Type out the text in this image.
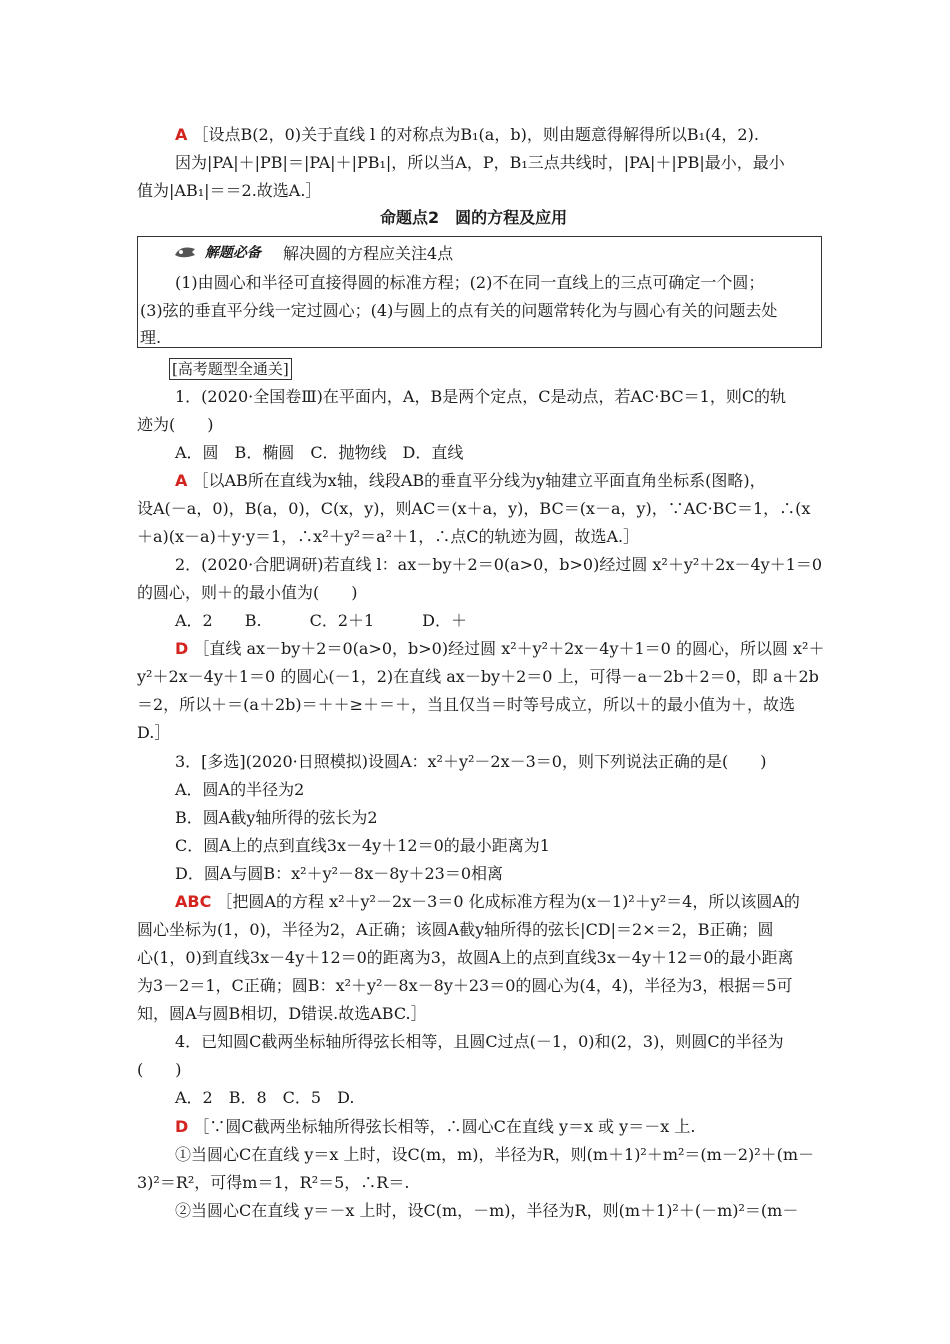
A ［设点B(2，0)关于直线 l 的对称点为B₁(a，b)，则由题意得解得所以B₁(4，2).
因为|PA|＋|PB|＝|PA|＋|PB₁|，所以当A，P，B₁三点共线时，|PA|＋|PB|最小，最小
值为|AB₁|＝＝2.故选A.］
命题点2　圆的方程及应用
解题必备 解决圆的方程应关注4点
(1)由圆心和半径可直接得圆的标准方程；(2)不在同一直线上的三点可确定一个圆；
(3)弦的垂直平分线一定过圆心；(4)与圆上的点有关的问题常转化为与圆心有关的问题去处
理.
[高考题型全通关]
1．(2020·全国卷Ⅲ)在平面内，A，B是两个定点，C是动点，若AC·BC＝1，则C的轨
迹为(　　)
A．圆　B．椭圆　C．抛物线　D．直线
A ［以AB所在直线为x轴，线段AB的垂直平分线为y轴建立平面直角坐标系(图略)，
设A(－a，0)，B(a，0)，C(x，y)，则AC＝(x＋a，y)，BC＝(x－a，y)，∵AC·BC＝1，∴(x
＋a)(x－a)＋y·y＝1，∴x²＋y²＝a²＋1，∴点C的轨迹为圆，故选A.］
2．(2020·合肥调研)若直线 l：ax－by＋2＝0(a>0，b>0)经过圆 x²＋y²＋2x－4y＋1＝0
的圆心，则＋的最小值为(　　)
A．2　　B.　　　C．2＋1　　　D．＋
D ［直线 ax－by＋2＝0(a>0，b>0)经过圆 x²＋y²＋2x－4y＋1＝0 的圆心，所以圆 x²＋
y²＋2x－4y＋1＝0 的圆心(－1，2)在直线 ax－by＋2＝0 上，可得－a－2b＋2＝0，即 a＋2b
＝2，所以＋＝(a＋2b)＝＋＋≥＋＝＋，当且仅当＝时等号成立，所以＋的最小值为＋，故选
D.］
3．[多选](2020·日照模拟)设圆A：x²＋y²－2x－3＝0，则下列说法正确的是(　　)
A．圆A的半径为2
B．圆A截y轴所得的弦长为2
C．圆A上的点到直线3x－4y＋12＝0的最小距离为1
D．圆A与圆B：x²＋y²－8x－8y＋23＝0相离
ABC ［把圆A的方程 x²＋y²－2x－3＝0 化成标准方程为(x－1)²＋y²＝4，所以该圆A的
圆心坐标为(1，0)，半径为2，A正确；该圆A截y轴所得的弦长|CD|＝2×＝2，B正确；圆
心(1，0)到直线3x－4y＋12＝0的距离为3，故圆A上的点到直线3x－4y＋12＝0的最小距离
为3－2＝1，C正确；圆B：x²＋y²－8x－8y＋23＝0的圆心为(4，4)，半径为3，根据＝5可
知，圆A与圆B相切，D错误.故选ABC.］
4．已知圆C截两坐标轴所得弦长相等，且圆C过点(－1，0)和(2，3)，则圆C的半径为
(　　)
A．2　B．8　C．5　D.
D ［∵圆C截两坐标轴所得弦长相等，∴圆心C在直线 y＝x 或 y＝－x 上.
①当圆心C在直线 y＝x 上时，设C(m，m)，半径为R，则(m＋1)²＋m²＝(m－2)²＋(m－
3)²＝R²，可得m＝1，R²＝5，∴R＝.
②当圆心C在直线 y＝－x 上时，设C(m，－m)，半径为R，则(m＋1)²＋(－m)²＝(m－
